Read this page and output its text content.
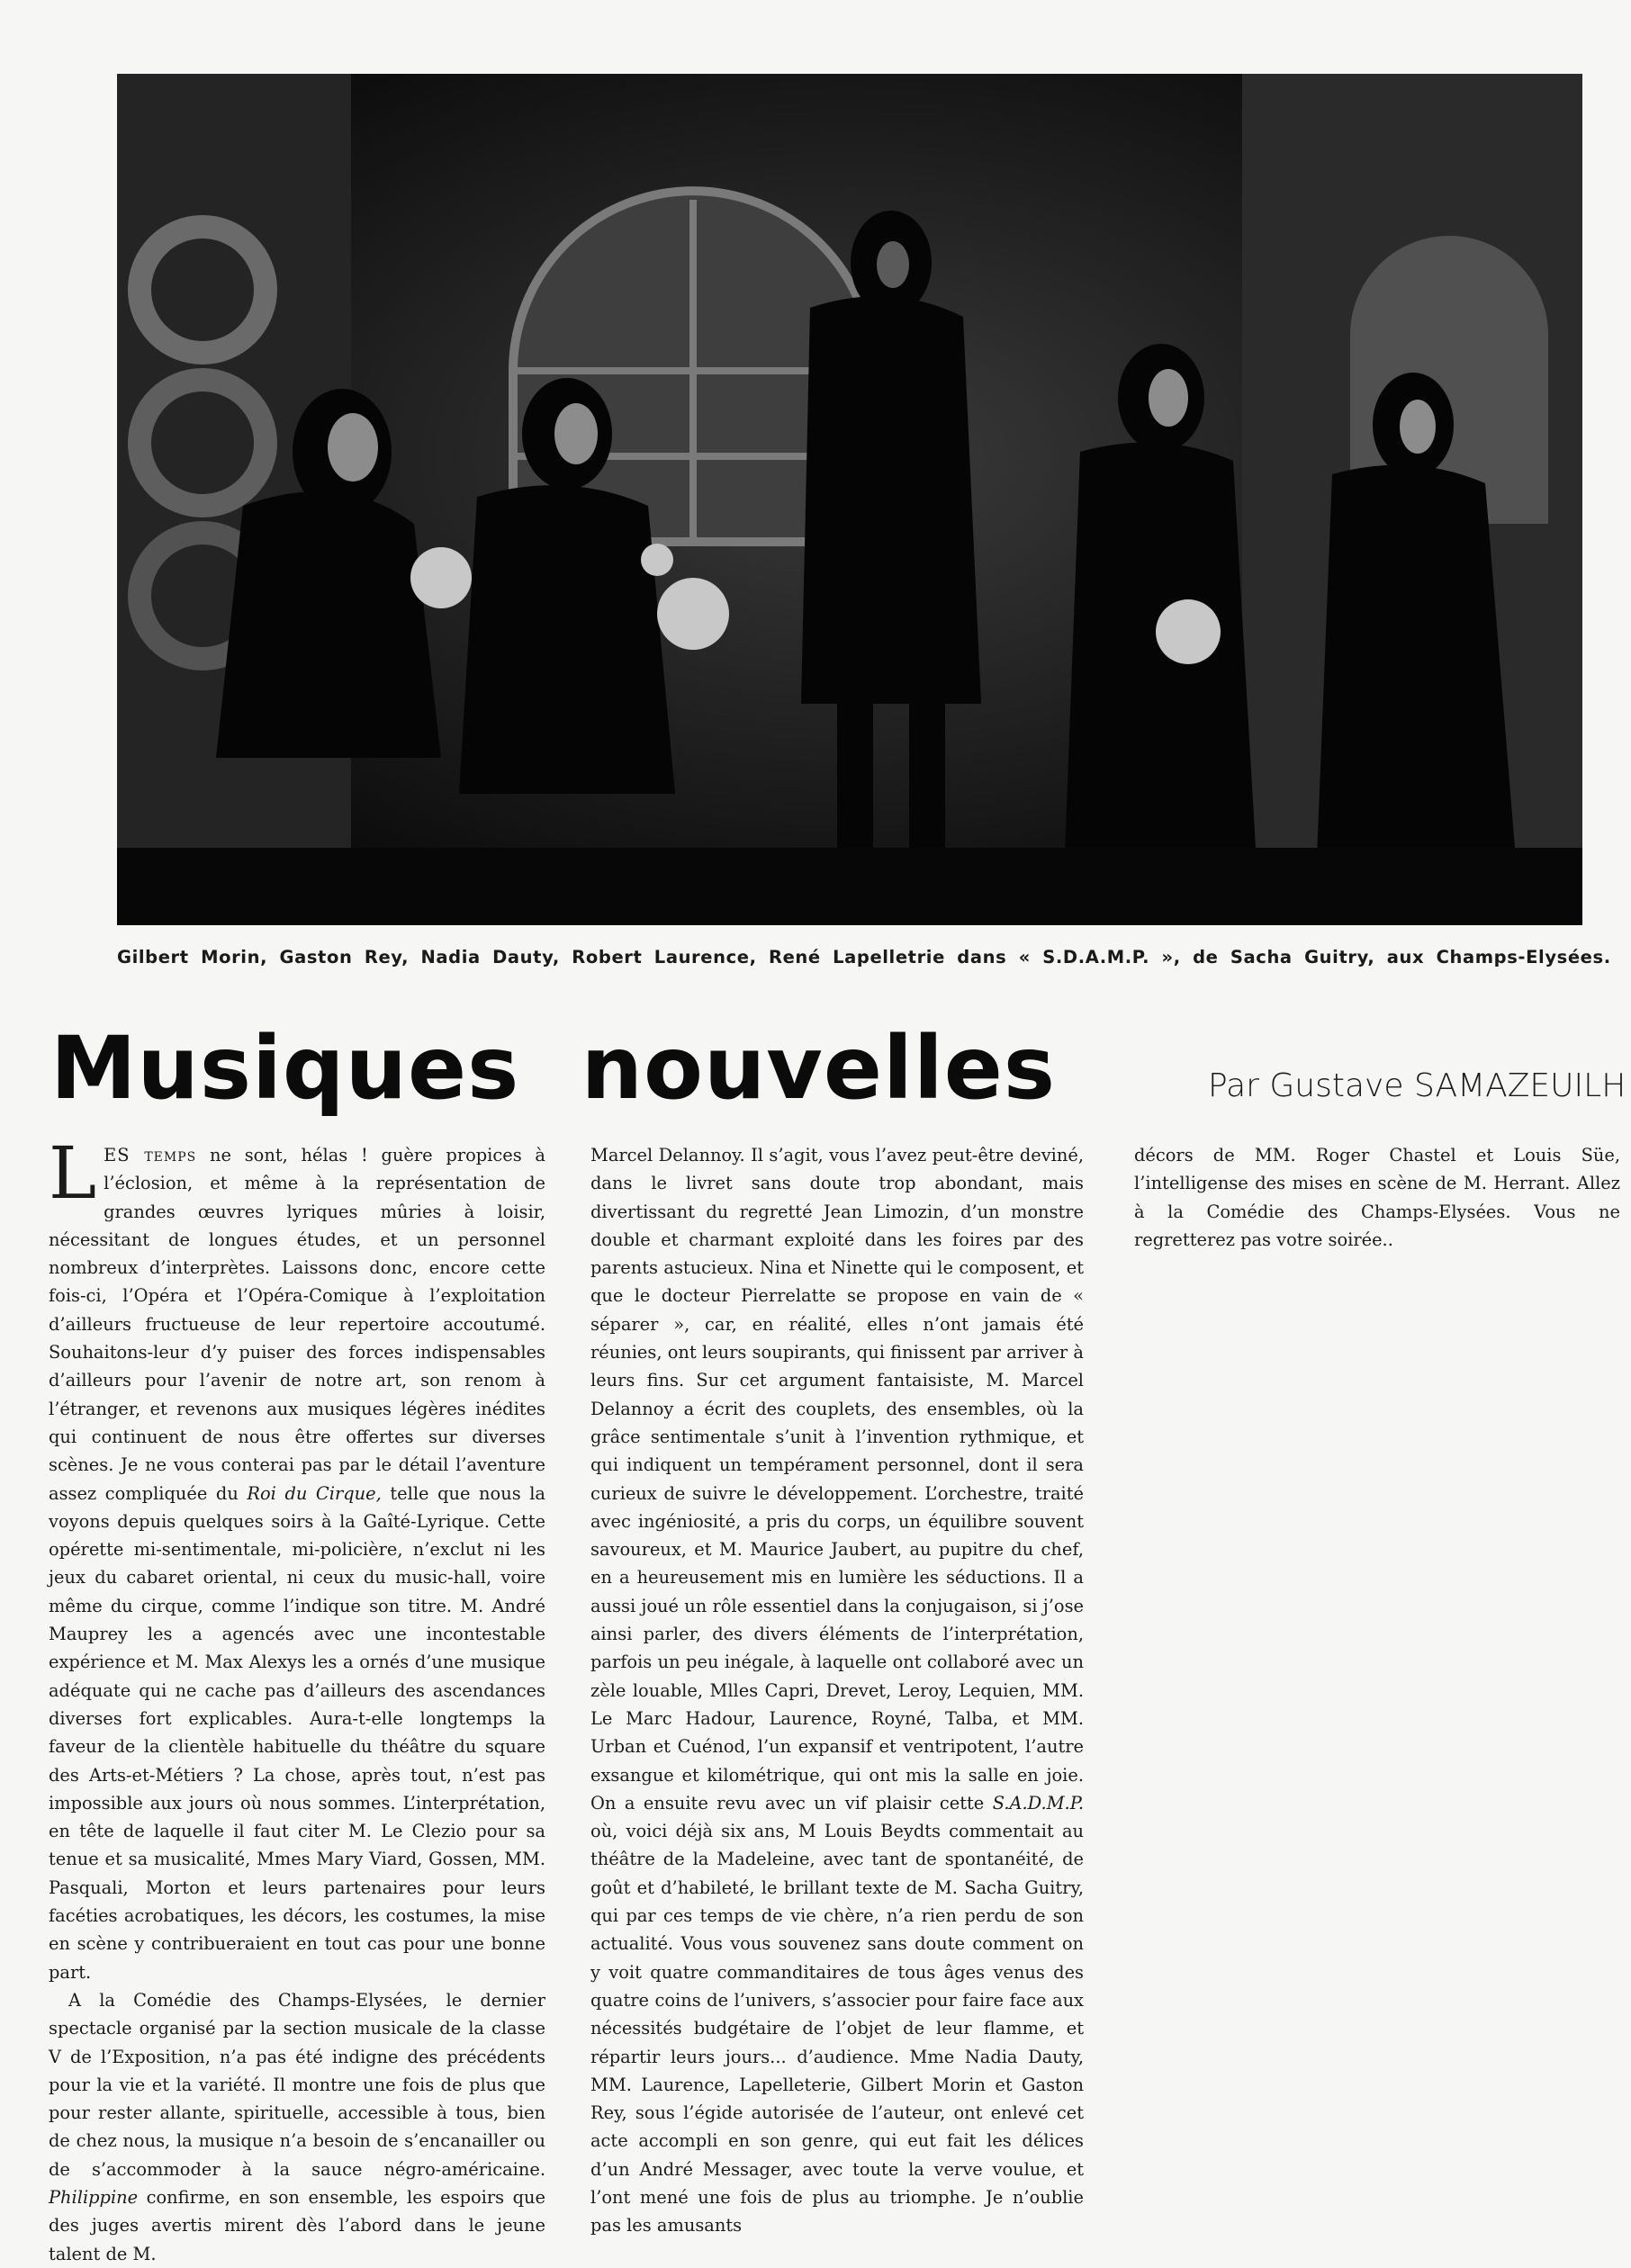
Gilbert Morin, Gaston Rey, Nadia Dauty, Robert Laurence, René Lapelletrie dans « S.D.A.M.P. », de Sacha Guitry, aux Champs-Elysées.
Musiques nouvelles	Par Gustave SAMAZEUILH

LES temps ne sont, hélas ! guère propices à l’éclosion, et même à la représentation de grandes œuvres lyriques mûries à loisir, nécessitant de longues études, et un personnel nombreux d’interprètes. Laissons donc, encore cette fois-ci, l’Opéra et l’Opéra-Comique à l’exploitation d’ailleurs fructueuse de leur repertoire accoutumé. Souhaitons-leur d’y puiser des forces indispensables d’ailleurs pour l’avenir de notre art, son renom à l’étranger, et revenons aux musiques légères inédites qui continuent de nous être offertes sur diverses scènes. Je ne vous conterai pas par le détail l’aventure assez compliquée du Roi du Cirque, telle que nous la voyons depuis quelques soirs à la Gaîté-Lyrique. Cette opérette mi-sentimentale, mi-policière, n’exclut ni les jeux du cabaret oriental, ni ceux du music-hall, voire même du cirque, comme l’indique son titre. M. André Mauprey les a agencés avec une incontestable expérience et M. Max Alexys les a ornés d’une musique adéquate qui ne cache pas d’ailleurs des ascendances diverses fort explicables. Aura-t-elle longtemps la faveur de la clientèle habituelle du théâtre du square des Arts-et-Métiers ? La chose, après tout, n’est pas impossible aux jours où nous sommes. L’interprétation, en tête de laquelle il faut citer M. Le Clezio pour sa tenue et sa musicalité, Mmes Mary Viard, Gossen, MM. Pasquali, Morton et leurs partenaires pour leurs facéties acrobatiques, les décors, les costumes, la mise en scène y contribueraient en tout cas pour une bonne part.

A la Comédie des Champs-Elysées, le dernier spectacle organisé par la section musicale de la classe V de l’Exposition, n’a pas été indigne des précédents pour la vie et la variété. Il montre une fois de plus que pour rester allante, spirituelle, accessible à tous, bien de chez nous, la musique n’a besoin de s’encanailler ou de s’accommoder à la sauce négro-américaine. Philippine confirme, en son ensemble, les espoirs que des juges avertis mirent dès l’abord dans le jeune talent de M.

Marcel Delannoy. Il s’agit, vous l’avez peut-être deviné, dans le livret sans doute trop abondant, mais divertissant du regretté Jean Limozin, d’un monstre double et charmant exploité dans les foires par des parents astucieux. Nina et Ninette qui le composent, et que le docteur Pierrelatte se propose en vain de « séparer », car, en réalité, elles n’ont jamais été réunies, ont leurs soupirants, qui finissent par arriver à leurs fins. Sur cet argument fantaisiste, M. Marcel Delannoy a écrit des couplets, des ensembles, où la grâce sentimentale s’unit à l’invention rythmique, et qui indiquent un tempérament personnel, dont il sera curieux de suivre le développement. L’orchestre, traité avec ingéniosité, a pris du corps, un équilibre souvent savoureux, et M. Maurice Jaubert, au pupitre du chef, en a heureusement mis en lumière les séductions. Il a aussi joué un rôle essentiel dans la conjugaison, si j’ose ainsi parler, des divers éléments de l’interprétation, parfois un peu inégale, à laquelle ont collaboré avec un zèle louable, Mlles Capri, Drevet, Leroy, Lequien, MM. Le Marc Hadour, Laurence, Royné, Talba, et MM. Urban et Cuénod, l’un expansif et ventripotent, l’autre exsangue et kilométrique, qui ont mis la salle en joie. On a ensuite revu avec un vif plaisir cette S.A.D.M.P. où, voici déjà six ans, M Louis Beydts commentait au théâtre de la Madeleine, avec tant de spontanéité, de goût et d’habileté, le brillant texte de M. Sacha Guitry, qui par ces temps de vie chère, n’a rien perdu de son actualité. Vous vous souvenez sans doute comment on y voit quatre commanditaires de tous âges venus des quatre coins de l’univers, s’associer pour faire face aux nécessités budgétaire de l’objet de leur flamme, et répartir leurs jours... d’audience. Mme Nadia Dauty, MM. Laurence, Lapelleterie, Gilbert Morin et Gaston Rey, sous l’égide autorisée de l’auteur, ont enlevé cet acte accompli en son genre, qui eut fait les délices d’un André Messager, avec toute la verve voulue, et l’ont mené une fois de plus au triomphe. Je n’oublie pas les amusants

décors de MM. Roger Chastel et Louis Süe, l’intelligense des mises en scène de M. Herrant. Allez à la Comédie des Champs-Elysées. Vous ne regretterez pas votre soirée..
